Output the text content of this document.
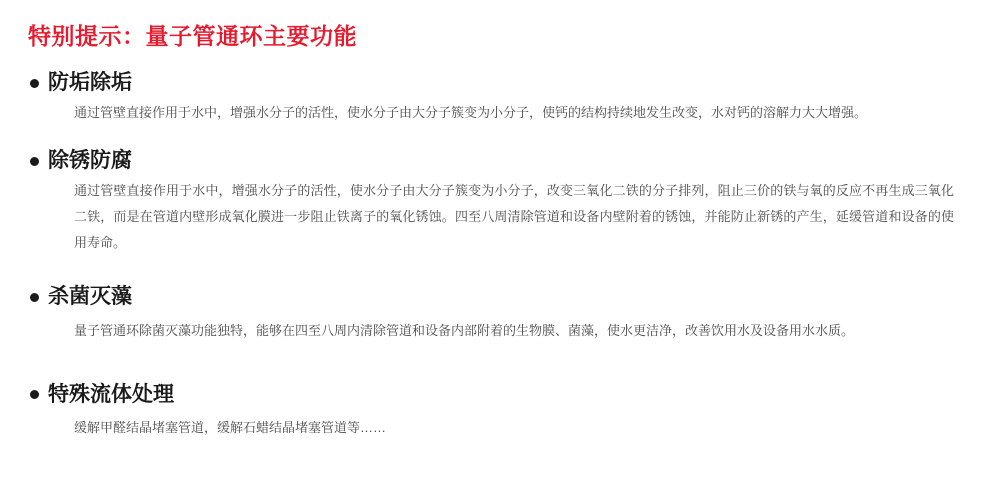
特别提示：量子管通环主要功能
防垢除垢

通过管壁直接作用于水中，增强水分子的活性，使水分子由大分子簇变为小分子，使钙的结构持续地发生改变，水对钙的溶解力大大增强。

除锈防腐

通过管壁直接作用于水中，增强水分子的活性，使水分子由大分子簇变为小分子，改变三氧化二铁的分子排列，阻止三价的铁与氧的反应不再生成三氧化二铁，而是在管道内壁形成氧化膜进一步阻止铁离子的氧化锈蚀。四至八周清除管道和设备内壁附着的锈蚀，并能防止新锈的产生，延缓管道和设备的使用寿命。

杀菌灭藻

量子管通环除菌灭藻功能独特，能够在四至八周内清除管道和设备内部附着的生物膜、菌藻，使水更洁净，改善饮用水及设备用水水质。

特殊流体处理

缓解甲醛结晶堵塞管道，缓解石蜡结晶堵塞管道等……
